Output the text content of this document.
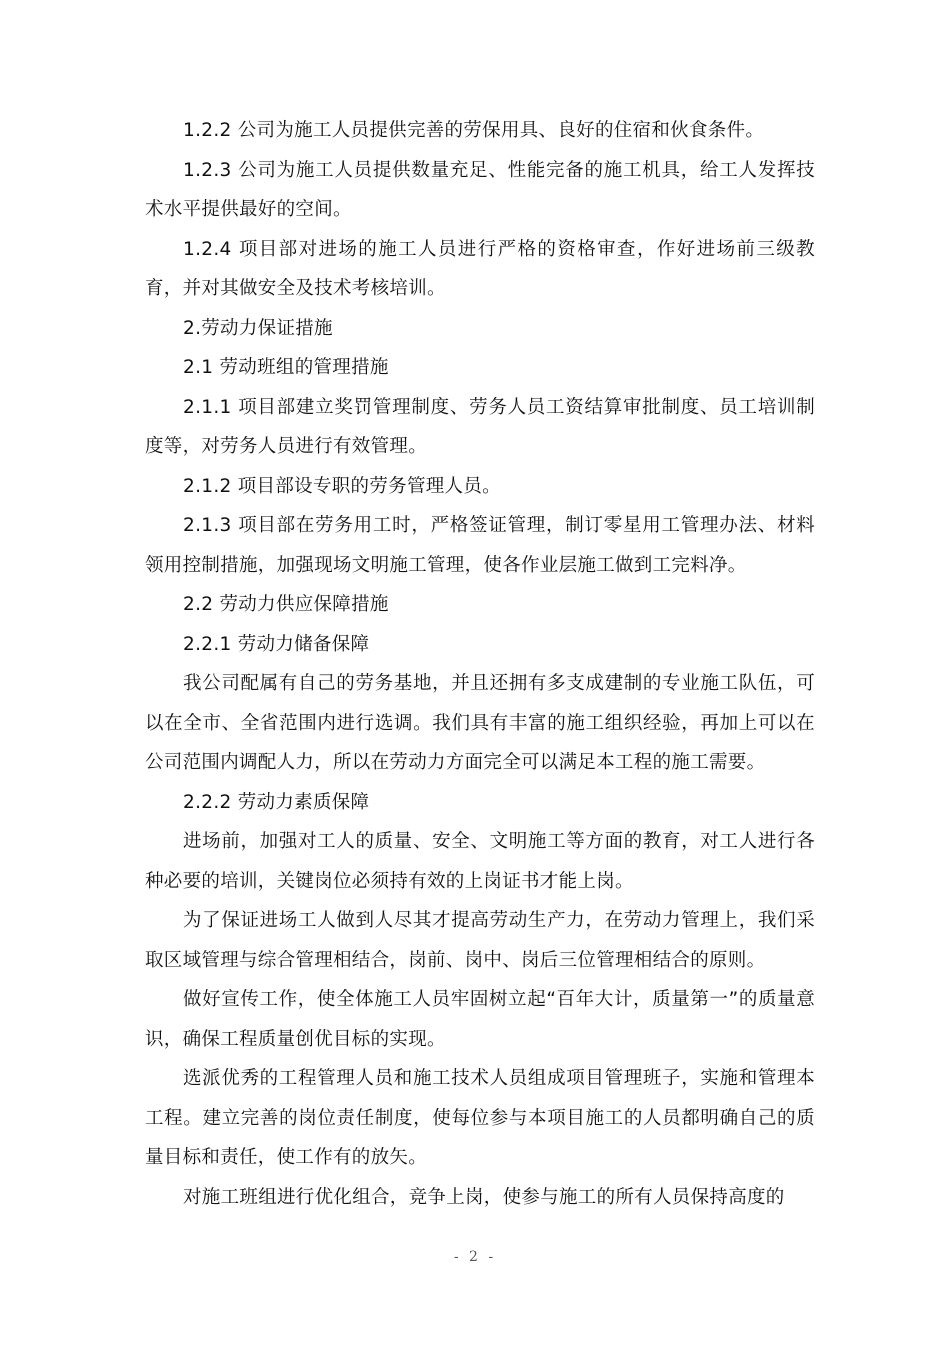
1.2.2 公司为施工人员提供完善的劳保用具、良好的住宿和伙食条件。

1.2.3 公司为施工人员提供数量充足、性能完备的施工机具，给工人发挥技术水平提供最好的空间。

1.2.4 项目部对进场的施工人员进行严格的资格审查，作好进场前三级教育，并对其做安全及技术考核培训。

2.劳动力保证措施

2.1 劳动班组的管理措施

2.1.1 项目部建立奖罚管理制度、劳务人员工资结算审批制度、员工培训制度等，对劳务人员进行有效管理。

2.1.2 项目部设专职的劳务管理人员。

2.1.3 项目部在劳务用工时，严格签证管理，制订零星用工管理办法、材料领用控制措施，加强现场文明施工管理，使各作业层施工做到工完料净。

2.2 劳动力供应保障措施

2.2.1 劳动力储备保障

我公司配属有自己的劳务基地，并且还拥有多支成建制的专业施工队伍，可以在全市、全省范围内进行选调。我们具有丰富的施工组织经验，再加上可以在公司范围内调配人力，所以在劳动力方面完全可以满足本工程的施工需要。

2.2.2 劳动力素质保障

进场前，加强对工人的质量、安全、文明施工等方面的教育，对工人进行各种必要的培训，关键岗位必须持有效的上岗证书才能上岗。

为了保证进场工人做到人尽其才提高劳动生产力，在劳动力管理上，我们采取区域管理与综合管理相结合，岗前、岗中、岗后三位管理相结合的原则。

做好宣传工作，使全体施工人员牢固树立起“百年大计，质量第一”的质量意识，确保工程质量创优目标的实现。

选派优秀的工程管理人员和施工技术人员组成项目管理班子，实施和管理本工程。建立完善的岗位责任制度，使每位参与本项目施工的人员都明确自己的质量目标和责任，使工作有的放矢。

对施工班组进行优化组合，竞争上岗，使参与施工的所有人员保持高度的

- 2 -
